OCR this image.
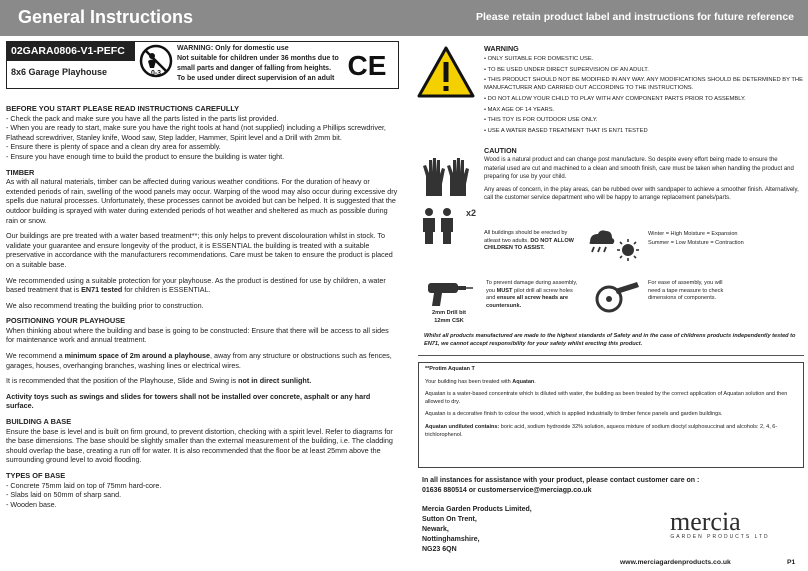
General Instructions	Please retain product label and instructions for future reference
02GARA0806-V1-PEFC
8x6 Garage Playhouse	0-3
WARNING: Only for domestic use
Not suitable for children under 36 months due to
small parts and danger of falling from heights.
To be used under direct supervision of an adult CE
BEFORE YOU START PLEASE READ INSTRUCTIONS CAREFULLY
- Check the pack and make sure you have all the parts listed in the parts list provided.
- When you are ready to start, make sure you have the right tools at hand (not supplied) including a Phillips screwdriver, Flathead screwdriver, Stanley knife, Wood saw, Step ladder, Hammer, Spirit level and a Drill with 2mm bit.
- Ensure there is plenty of space and a clean dry area for assembly.

- Ensure you have enough time to build the product to ensure the building is water tight.

TIMBER

As with all natural materials, timber can be affected during various weather conditions. For the duration of heavy or extended periods of rain, swelling of the wood panels may occur. Warping of the wood may also occur during excessive dry spells due natural processes. Unfortunately, these processes cannot be avoided but can be helped. It is suggested that the outdoor building is sprayed with water during extended periods of hot weather and sheltered as much as possible during rain or snow.

Our buildings are pre treated with a water based treatment**; this only helps to prevent discolouration whilst in stock. To validate your guarantee and ensure longevity of the product, it is ESSENTIAL the building is treated with a suitable preservative in accordance with the manufacturers recommendations. Care must be taken to ensure the product is placed on a suitable base.

We recommended using a suitable protection for your playhouse. As the product is destined for use by children, a water based treatment that is EN71 tested for children is ESSENTIAL.

We also recommend treating the building prior to construction.

POSITIONING YOUR PLAYHOUSE

When thinking about where the building and base is going to be constructed: Ensure that there will be access to all sides for maintenance work and annual treatment.

We recommend a minimum space of 2m around a playhouse, away from any structure or obstructions such as fences, garages, houses, overhanging branches, washing lines or electrical wires.

It is recommended that the position of the Playhouse, Slide and Swing is not in direct sunlight.

Activity toys such as swings and slides for towers shall not be installed over concrete, asphalt or any hard surface.

BUILDING A BASE

Ensure the base is level and is built on firm ground, to prevent distortion, checking with a spirit level. Refer to diagrams for the base dimensions. The base should be slightly smaller than the external measurement of the building, i.e. The cladding should overlap the base, creating a run off for water. It is also recommended that the floor be at least 25mm above the surrounding ground level to avoid flooding.

TYPES OF BASE
- Concrete 75mm laid on top of 75mm hard-core.
- Slabs laid on 50mm of sharp sand.
- Wooden base.
WARNING
• ONLY SUITABLE FOR DOMESTIC USE.
• TO BE USED UNDER DIRECT SUPERVISION OF AN ADULT.
• THIS PRODUCT SHOULD NOT BE MODIFIED IN ANY WAY. ANY MODIFICATIONS SHOULD BE DETERMINED BY THE MANUFACTURER AND CARRIED OUT ACCORDING TO THE INSTRUCTIONS.
• DO NOT ALLOW YOUR CHILD TO PLAY WITH ANY COMPONENT PARTS PRIOR TO ASSEMBLY.
• MAX AGE OF 14 YEARS.
• THIS TOY IS FOR OUTDOOR USE ONLY.
• USE A WATER BASED TREATMENT THAT IS EN71 TESTED
CAUTION

Wood is a natural product and can change post manufacture. So despite every effort being made to ensure the material used are cut and machined to a clean and smooth finish, care must be taken when handling the product and preparing for use by your child.

Any areas of concern, in the play areas, can be rubbed over with sandpaper to achieve a smoother finish. Alternatively, call the customer service department who will be happy to arrange replacement panels/parts.

x2
All buildings should be erected by atleast two adults. DO NOT ALLOW CHILDREN TO ASSIST.
Winter = High Moisture = Expansion
Summer = Low Moisture = Contraction
2mm Drill bit
12mm CSK
To prevent damage during assembly, you MUST pilot drill all screw holes and ensure all screw heads are countersunk.
For ease of assembly, you will need a tape measure to check dimensions of components.
Whilst all products manufactured are made to the highest standards of Safety and in the case of childrens products independently tested to EN71, we cannot accept responsibility for your safety whilst erecting this product.

**Protim Aquatan T

Your building has been treated with Aquatan.

Aquatan is a water-based concentrate which is diluted with water, the building as been treated by the correct application of Aquatan solution and then allowed to dry.

Aquatan is a decorative finish to colour the wood, which is applied industrially to timber fence panels and garden buildings.

Aquatan undiluted contains: boric acid, sodium hydroxide 32% solution, aqueos mixture of sodium dioctyl sulphosuccinat and alcohols: 2, 4, 6-trichlorophenol.

In all instances for assistance with your product, please contact customer care on :
01636 880514 or customerservice@merciagp.co.uk
Mercia Garden Products Limited,
Sutton On Trent,
Newark,
Nottinghamshire,
NG23 6QN
mercia
GARDEN PRODUCTS LTD
www.merciagardenproducts.co.uk	P1
